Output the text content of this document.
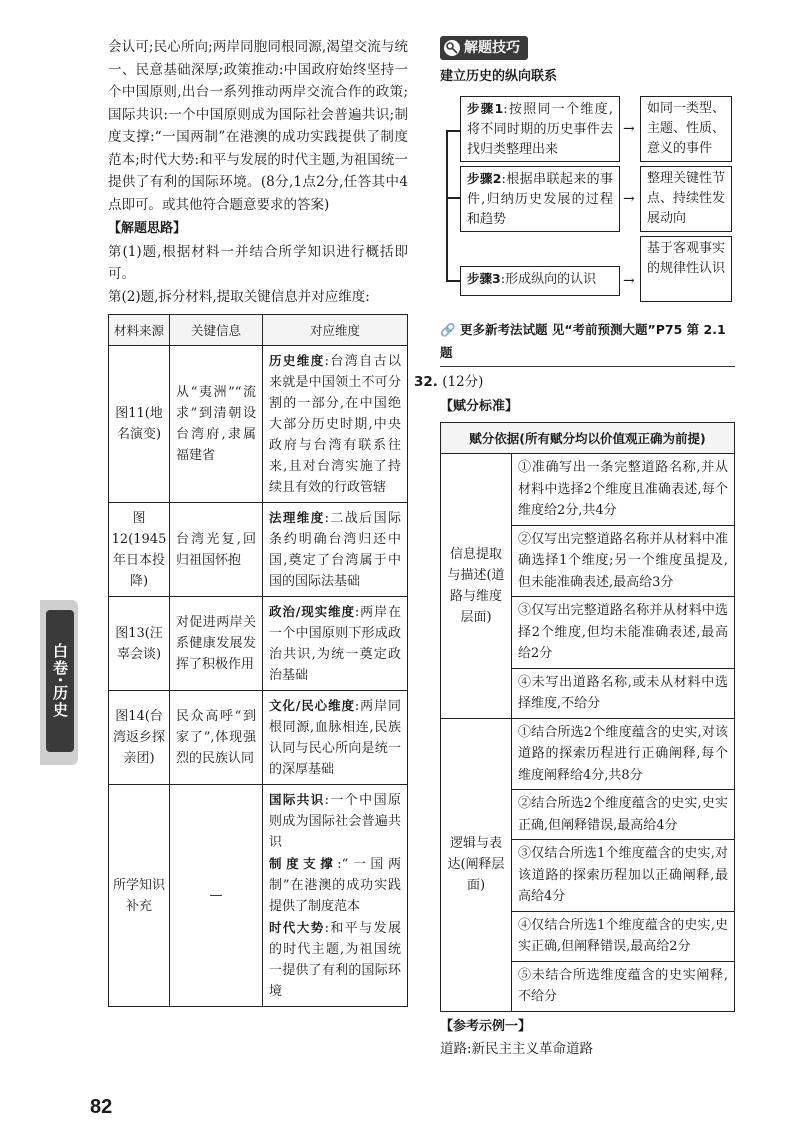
会认可;民心所向;两岸同胞同根同源,渴望交流与统一、民意基础深厚;政策推动:中国政府始终坚持一个中国原则,出台一系列推动两岸交流合作的政策;国际共识:一个中国原则成为国际社会普遍共识;制度支撑:“一国两制”在港澳的成功实践提供了制度范本;时代大势:和平与发展的时代主题,为祖国统一提供了有利的国际环境。(8分,1点2分,任答其中4点即可。或其他符合题意要求的答案)

【解题思路】

第(1)题,根据材料一并结合所学知识进行概括即可。

第(2)题,拆分材料,提取关键信息并对应维度:

材料来源	关键信息	对应维度
图11(地名演变)	从“夷洲”“流求”到清朝设台湾府,隶属福建省	历史维度:台湾自古以来就是中国领土不可分割的一部分,在中国绝大部分历史时期,中央政府与台湾有联系往来,且对台湾实施了持续且有效的行政管辖

图12(1945年日本投降)	台湾光复,回归祖国怀抱	法理维度:二战后国际条约明确台湾归还中国,奠定了台湾属于中国的国际法基础

图13(汪辜会谈)	对促进两岸关系健康发展发挥了积极作用	政治/现实维度:两岸在一个中国原则下形成政治共识,为统一奠定政治基础

图14(台湾返乡探亲团)	民众高呼“到家了”,体现强烈的民族认同	文化/民心维度:两岸同根同源,血脉相连,民族认同与民心所向是统一的深厚基础

所学知识补充	—	国际共识:一个中国原则成为国际社会普遍共识
制度支撑:“一国两制”在港澳的成功实践提供了制度范本
时代大势:和平与发展的时代主题,为祖国统一提供了有利的国际环境
解题技巧

建立历史的纵向联系

步骤1:按照同一个维度,将不同时期的历史事件去找归类整理出来
→
如同一类型、主题、性质、意义的事件
步骤2:根据串联起来的事件,归纳历史发展的过程和趋势
→
整理关键性节点、持续性发展动向
步骤3:形成纵向的认识	→
基于客观事实的规律性认识
🔗 更多新考法试题 见“考前预测大题”P75 第 2.1 题

32. (12分)

【赋分标准】

赋分依据(所有赋分均以价值观正确为前提)	
信息提取与描述(道路与维度层面)	①准确写出一条完整道路名称,并从材料中选择2个维度且准确表述,每个维度给2分,共4分
	②仅写出完整道路名称并从材料中准确选择1个维度;另一个维度虽提及,但未能准确表述,最高给3分
	③仅写出完整道路名称并从材料中选择2个维度,但均未能准确表述,最高给2分
	④未写出道路名称,或未从材料中选择维度,不给分
逻辑与表达(阐释层面)	①结合所选2个维度蕴含的史实,对该道路的探索历程进行正确阐释,每个维度阐释给4分,共8分
	②结合所选2个维度蕴含的史实,史实正确,但阐释错误,最高给4分
	③仅结合所选1个维度蕴含的史实,对该道路的探索历程加以正确阐释,最高给4分
	④仅结合所选1个维度蕴含的史实,史实正确,但阐释错误,最高给2分
	⑤未结合所选维度蕴含的史实阐释,不给分

【参考示例一】

道路:新民主主义革命道路

白卷·历史
82
